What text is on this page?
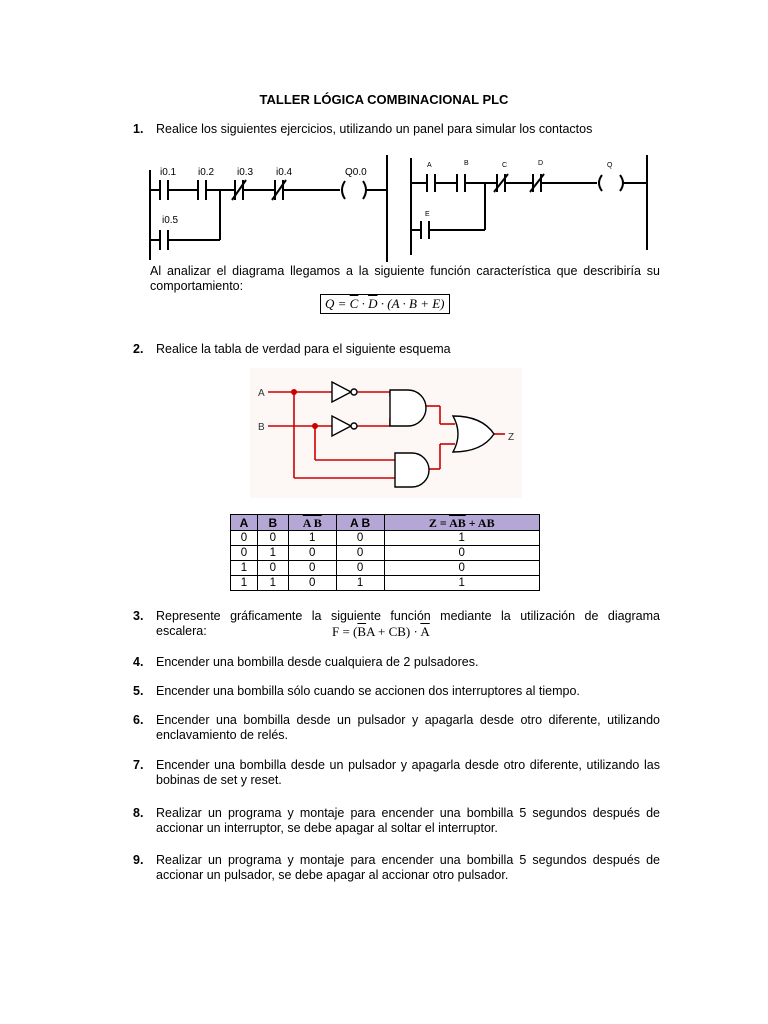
TALLER LÓGICA COMBINACIONAL PLC
1. Realice los siguientes ejercicios, utilizando un panel para simular los contactos
i0.1 i0.2 i0.3 i0.4	Q0.0
i0.5
A	B	C	D	Q
E
Al analizar el diagrama llegamos a la siguiente función característica que describiría su comportamiento:
$Q = \overline{C} \cdot \overline{D} \cdot (A \cdot B + E)$
2. Realice la tabla de verdad para el siguiente esquema
A
B
Z
A	B	A B	A B	$Z = \overline{AB}$ + AB
0	0	1	0	1
0	1	0	0	0
1	0	0	0	0
1	1	0	1	1
3. Represente gráficamente la siguiente función mediante la utilización de diagrama escalera:	$F = (\overline{B}A + CB) \cdot \overline{A}$
4. Encender una bombilla desde cualquiera de 2 pulsadores.
5. Encender una bombilla sólo cuando se accionen dos interruptores al tiempo.
6. Encender una bombilla desde un pulsador y apagarla desde otro diferente, utilizando enclavamiento de relés.
7. Encender una bombilla desde un pulsador y apagarla desde otro diferente, utilizando las bobinas de set y reset.
8. Realizar un programa y montaje para encender una bombilla 5 segundos después de accionar un interruptor, se debe apagar al soltar el interruptor.
9. Realizar un programa y montaje para encender una bombilla 5 segundos después de accionar un pulsador, se debe apagar al accionar otro pulsador.
